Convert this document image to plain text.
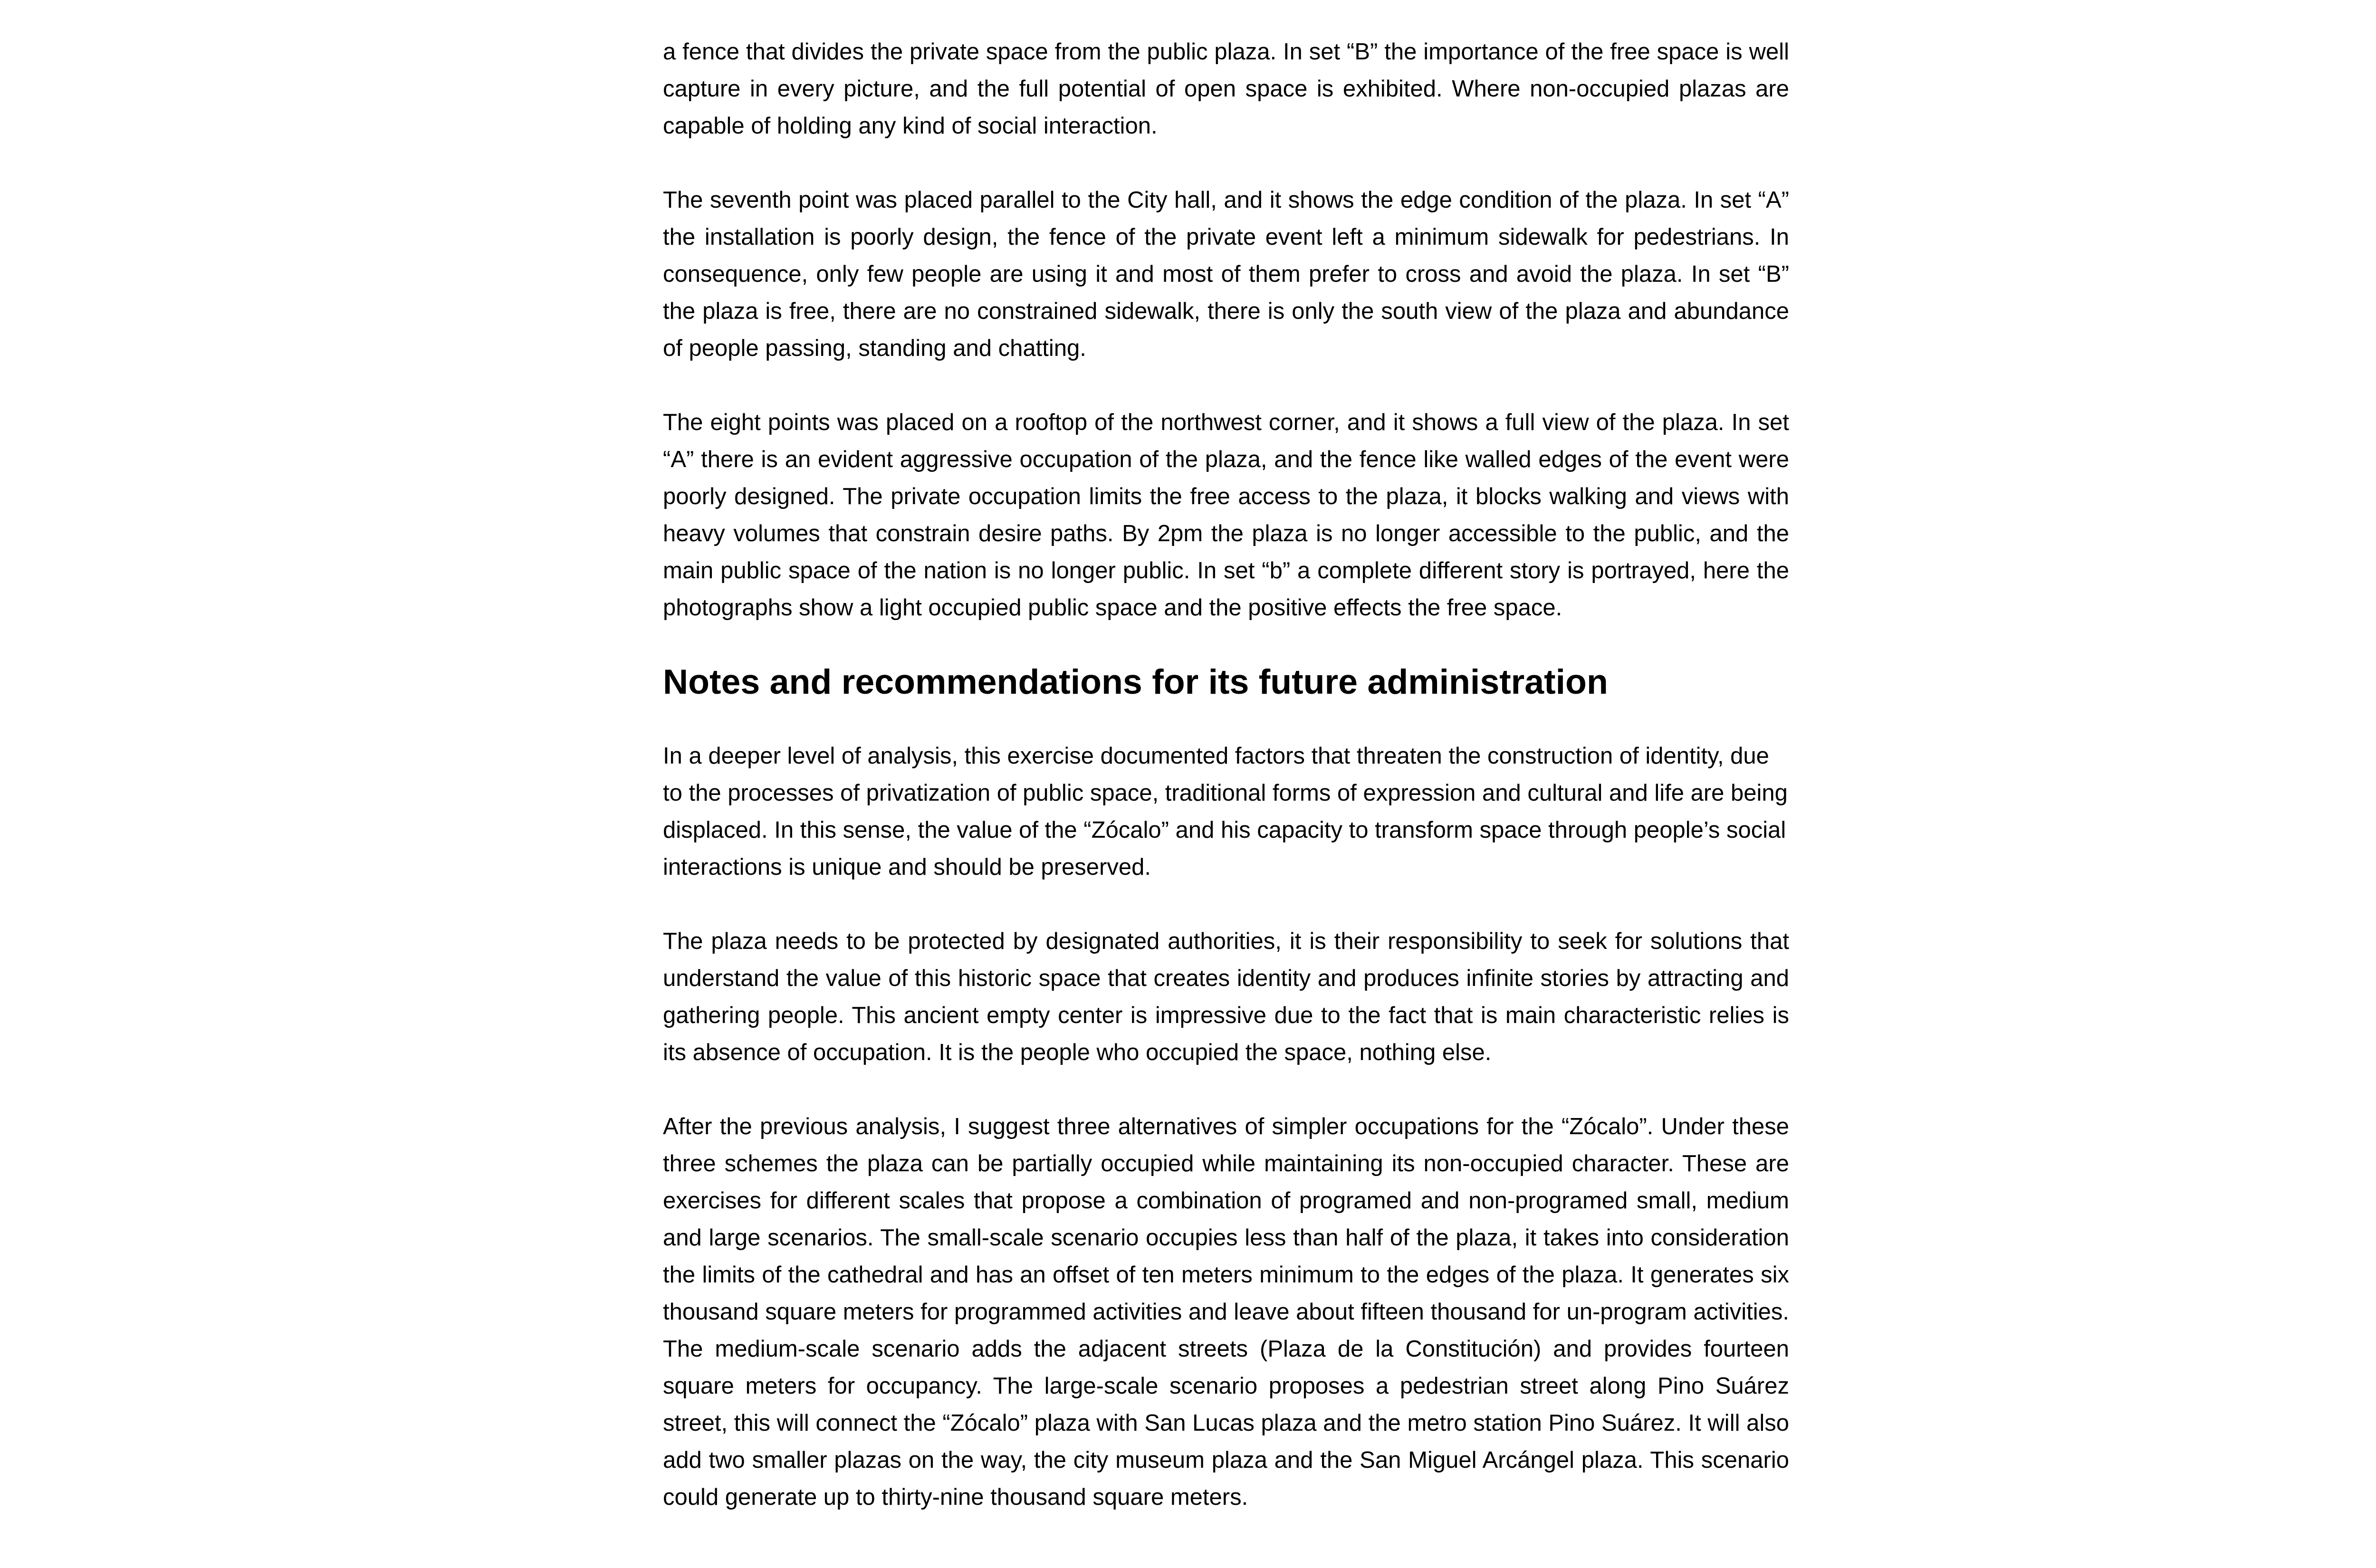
a fence that divides the private space from the public plaza. In set “B” the importance of the free space is well capture in every picture, and the full potential of open space is exhibited. Where non-occupied plazas are capable of holding any kind of social interaction.

The seventh point was placed parallel to the City hall, and it shows the edge condition of the plaza. In set “A” the installation is poorly design, the fence of the private event left a minimum sidewalk for pedestrians. In consequence, only few people are using it and most of them prefer to cross and avoid the plaza. In set “B” the plaza is free, there are no constrained sidewalk, there is only the south view of the plaza and abundance of people passing, standing and chatting.

The eight points was placed on a rooftop of the northwest corner, and it shows a full view of the plaza. In set “A” there is an evident aggressive occupation of the plaza, and the fence like walled edges of the event were poorly designed. The private occupation limits the free access to the plaza, it blocks walking and views with heavy volumes that constrain desire paths. By 2pm the plaza is no longer accessible to the public, and the main public space of the nation is no longer public. In set “b” a complete different story is portrayed, here the photographs show a light occupied public space and the positive effects the free space.

Notes and recommendations for its future administration

In a deeper level of analysis, this exercise documented factors that threaten the construction of identity, due to the processes of privatization of public space, traditional forms of expression and cultural and life are being displaced. In this sense, the value of the “Zócalo” and his capacity to transform space through people’s social interactions is unique and should be preserved.

The plaza needs to be protected by designated authorities, it is their responsibility to seek for solutions that understand the value of this historic space that creates identity and produces infinite stories by attracting and gathering people. This ancient empty center is impressive due to the fact that is main characteristic relies is its absence of occupation. It is the people who occupied the space, nothing else.

After the previous analysis, I suggest three alternatives of simpler occupations for the “Zócalo”. Under these three schemes the plaza can be partially occupied while maintaining its non-occupied character. These are exercises for different scales that propose a combination of programed and non-programed small, medium and large scenarios. The small-scale scenario occupies less than half of the plaza, it takes into consideration the limits of the cathedral and has an offset of ten meters minimum to the edges of the plaza. It generates six thousand square meters for programmed activities and leave about fifteen thousand for un-program activities. The medium-scale scenario adds the adjacent streets (Plaza de la Constitución) and provides fourteen square meters for occupancy. The large-scale scenario proposes a pedestrian street along Pino Suárez street, this will connect the “Zócalo” plaza with San Lucas plaza and the metro station Pino Suárez. It will also add two smaller plazas on the way, the city museum plaza and the San Miguel Arcángel plaza. This scenario could generate up to thirty-nine thousand square meters.
